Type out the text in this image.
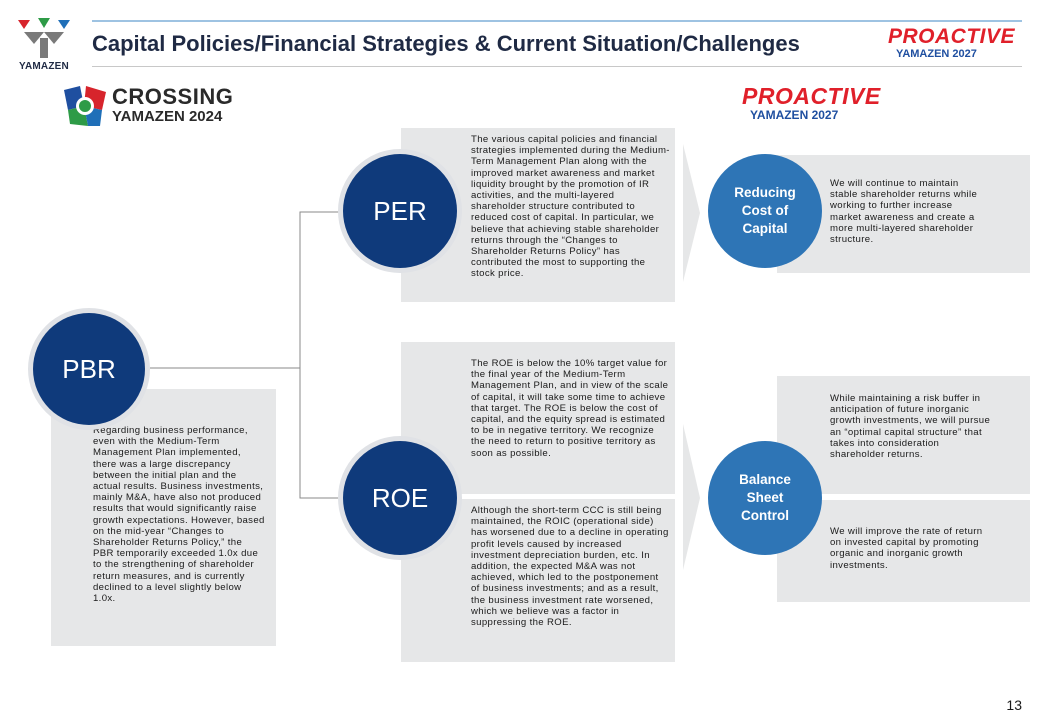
YAMAZEN
Capital Policies/Financial Strategies & Current Situation/Challenges	PROACTIVE
YAMAZEN 2027
CROSSING
YAMAZEN 2024
PROACTIVE
YAMAZEN 2027
Regarding business performance, even with the Medium-Term Management Plan implemented, there was a large discrepancy between the initial plan and the actual results. Business investments, mainly M&A, have also not produced results that would significantly raise growth expectations. However, based on the mid-year “Changes to Shareholder Returns Policy,” the PBR temporarily exceeded 1.0x due to the strengthening of shareholder return measures, and is currently declined to a level slightly below 1.0x.
PBR
The various capital policies and financial strategies implemented during the Medium-Term Management Plan along with the improved market awareness and market liquidity brought by the promotion of IR activities, and the multi-layered shareholder structure contributed to reduced cost of capital. In particular, we believe that achieving stable shareholder returns through the “Changes to Shareholder Returns Policy” has contributed the most to supporting the stock price.
PER
The ROE is below the 10% target value for the final year of the Medium-Term Management Plan, and in view of the scale of capital, it will take some time to achieve that target. The ROE is below the cost of capital, and the equity spread is estimated to be in negative territory. We recognize the need to return to positive territory as soon as possible.
Although the short-term CCC is still being maintained, the ROIC (operational side) has worsened due to a decline in operating profit levels caused by increased investment depreciation burden, etc. In addition, the expected M&A was not achieved, which led to the postponement of business investments; and as a result, the business investment rate worsened, which we believe was a factor in suppressing the ROE.
ROE
We will continue to maintain stable shareholder returns while working to further increase market awareness and create a more multi-layered shareholder structure.
Reducing Cost of Capital
While maintaining a risk buffer in anticipation of future inorganic growth investments, we will pursue an “optimal capital structure” that takes into consideration shareholder returns.
We will improve the rate of return on invested capital by promoting organic and inorganic growth investments.
Balance Sheet Control
13
